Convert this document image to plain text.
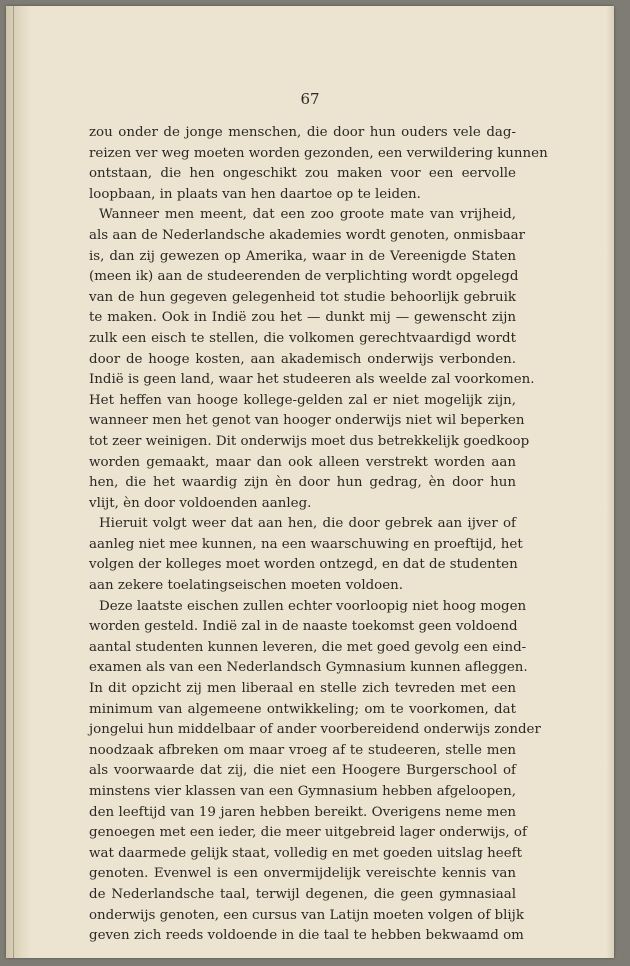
67
zou onder de jonge menschen, die door hun ouders vele dag-
reizen ver weg moeten worden gezonden, een verwildering kunnen
ontstaan, die hen ongeschikt zou maken voor een eervolle
loopbaan, in plaats van hen daartoe op te leiden.
Wanneer men meent, dat een zoo groote mate van vrijheid,
als aan de Nederlandsche akademies wordt genoten, onmisbaar
is, dan zij gewezen op Amerika, waar in de Vereenigde Staten
(meen ik) aan de studeerenden de verplichting wordt opgelegd
van de hun gegeven gelegenheid tot studie behoorlijk gebruik
te maken. Ook in Indië zou het — dunkt mij — gewenscht zijn
zulk een eisch te stellen, die volkomen gerechtvaardigd wordt
door de hooge kosten, aan akademisch onderwijs verbonden.
Indië is geen land, waar het studeeren als weelde zal voorkomen.
Het heffen van hooge kollege-gelden zal er niet mogelijk zijn,
wanneer men het genot van hooger onderwijs niet wil beperken
tot zeer weinigen. Dit onderwijs moet dus betrekkelijk goedkoop
worden gemaakt, maar dan ook alleen verstrekt worden aan
hen, die het waardig zijn èn door hun gedrag, èn door hun
vlijt, èn door voldoenden aanleg.
Hieruit volgt weer dat aan hen, die door gebrek aan ijver of
aanleg niet mee kunnen, na een waarschuwing en proeftijd, het
volgen der kolleges moet worden ontzegd, en dat de studenten
aan zekere toelatingseischen moeten voldoen.
Deze laatste eischen zullen echter voorloopig niet hoog mogen
worden gesteld. Indië zal in de naaste toekomst geen voldoend
aantal studenten kunnen leveren, die met goed gevolg een eind-
examen als van een Nederlandsch Gymnasium kunnen afleggen.
In dit opzicht zij men liberaal en stelle zich tevreden met een
minimum van algemeene ontwikkeling; om te voorkomen, dat
jongelui hun middelbaar of ander voorbereidend onderwijs zonder
noodzaak afbreken om maar vroeg af te studeeren, stelle men
als voorwaarde dat zij, die niet een Hoogere Burgerschool of
minstens vier klassen van een Gymnasium hebben afgeloopen,
den leeftijd van 19 jaren hebben bereikt. Overigens neme men
genoegen met een ieder, die meer uitgebreid lager onderwijs, of
wat daarmede gelijk staat, volledig en met goeden uitslag heeft
genoten. Evenwel is een onvermijdelijk vereischte kennis van
de Nederlandsche taal, terwijl degenen, die geen gymnasiaal
onderwijs genoten, een cursus van Latijn moeten volgen of blijk
geven zich reeds voldoende in die taal te hebben bekwaamd om
